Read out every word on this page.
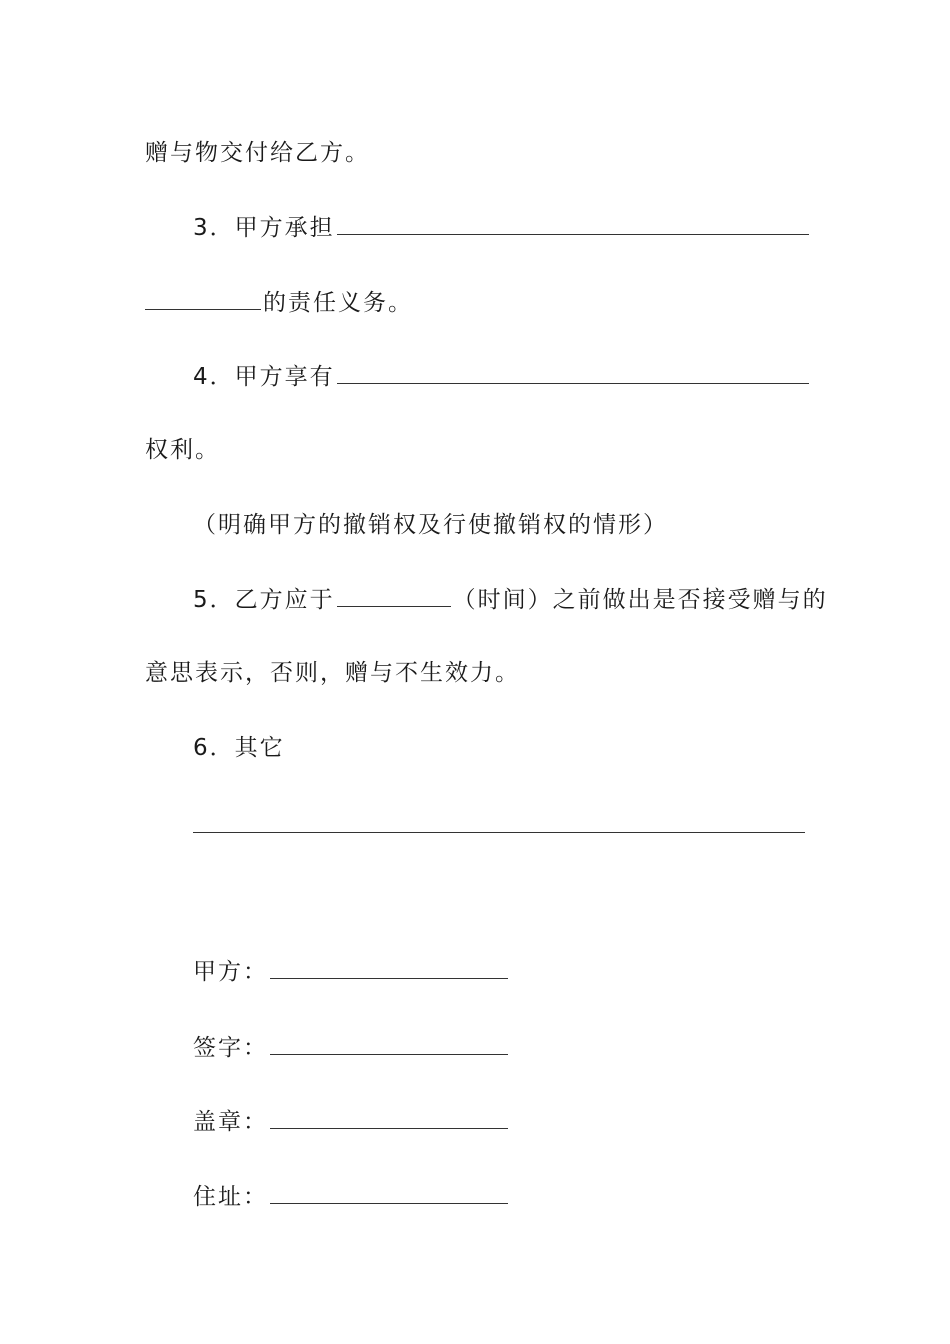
赠与物交付给乙方。
3．甲方承担
的责任义务。
4．甲方享有
权利。
（明确甲方的撤销权及行使撤销权的情形）
5．乙方应于	（时间）之前做出是否接受赠与的
意思表示，否则，赠与不生效力。
6．其它
甲方：
签字：
盖章：
住址：
